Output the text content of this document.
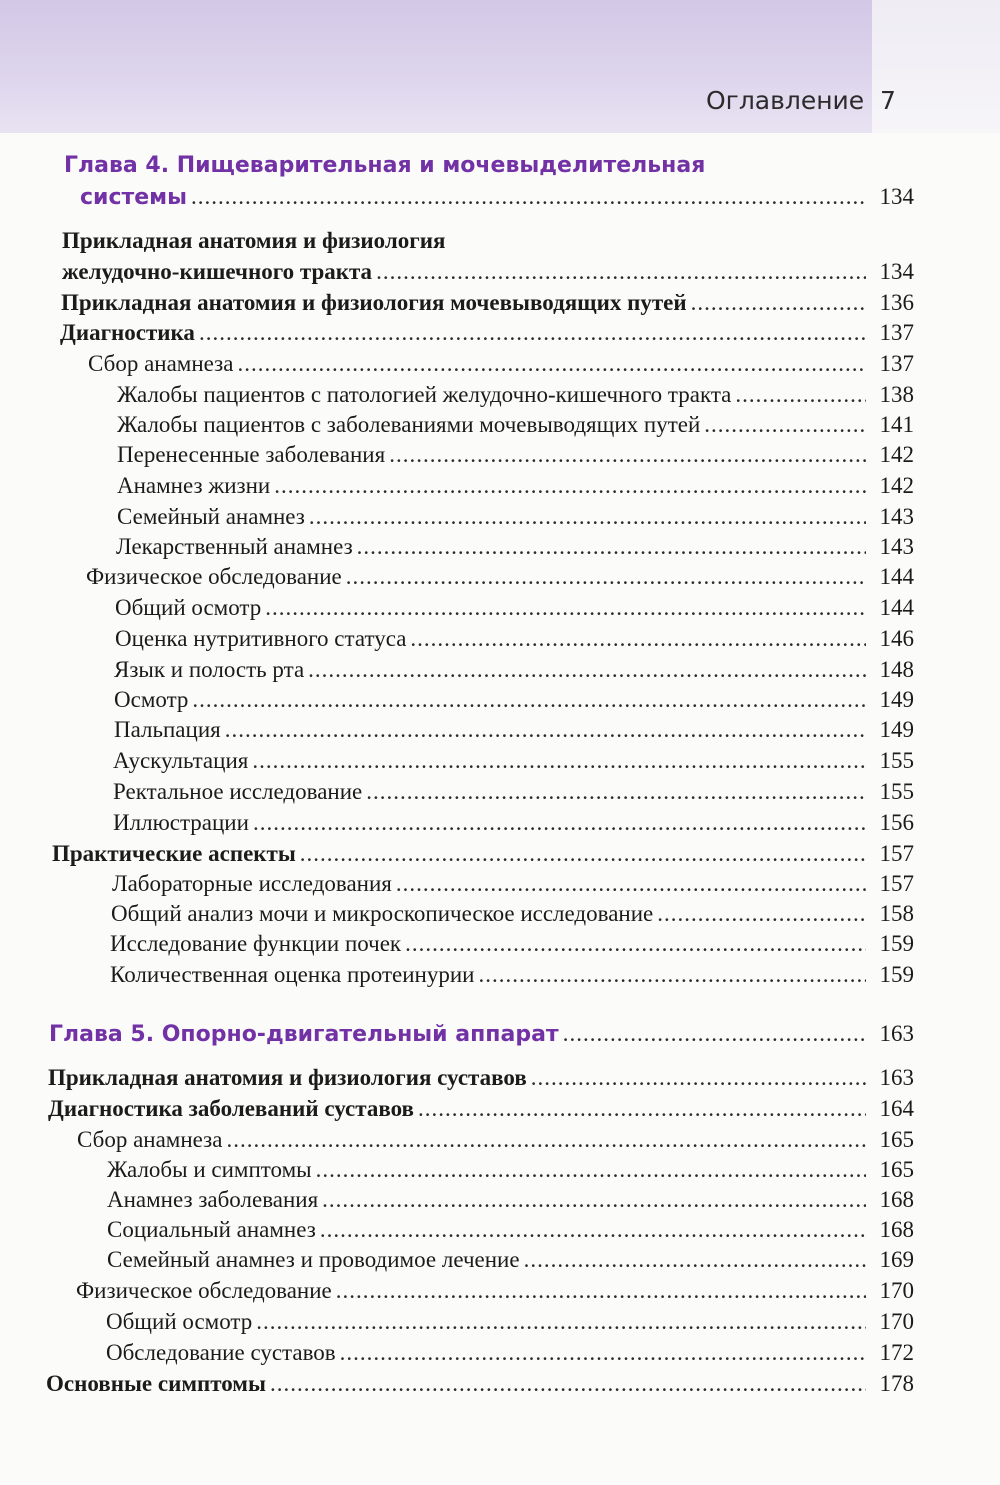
Оглавление 7
Глава 4. Пищеварительная и мочевыделительная
системы .....	134
Прикладная анатомия и физиология
желудочно-кишечного тракта .....	134
Прикладная анатомия и физиология мочевыводящих путей .....	136
Диагностика .....	137
Сбор анамнеза .....	137
Жалобы пациентов с патологией желудочно-кишечного тракта .....	138
Жалобы пациентов с заболеваниями мочевыводящих путей .....	141
Перенесенные заболевания .....	142
Анамнез жизни .....	142
Семейный анамнез .....	143
Лекарственный анамнез .....	143
Физическое обследование .....	144
Общий осмотр .....	144
Оценка нутритивного статуса .....	146
Язык и полость рта .....	148
Осмотр .....	149
Пальпация .....	149
Аускультация .....	155
Ректальное исследование .....	155
Иллюстрации .....	156
Практические аспекты .....	157
Лабораторные исследования .....	157
Общий анализ мочи и микроскопическое исследование .....	158
Исследование функции почек .....	159
Количественная оценка протеинурии .....	159
Глава 5. Опорно-двигательный аппарат .....	163
Прикладная анатомия и физиология суставов .....	163
Диагностика заболеваний суставов .....	164
Сбор анамнеза .....	165
Жалобы и симптомы .....	165
Анамнез заболевания .....	168
Социальный анамнез .....	168
Семейный анамнез и проводимое лечение .....	169
Физическое обследование .....	170
Общий осмотр .....	170
Обследование суставов .....	172
Основные симптомы .....	178
